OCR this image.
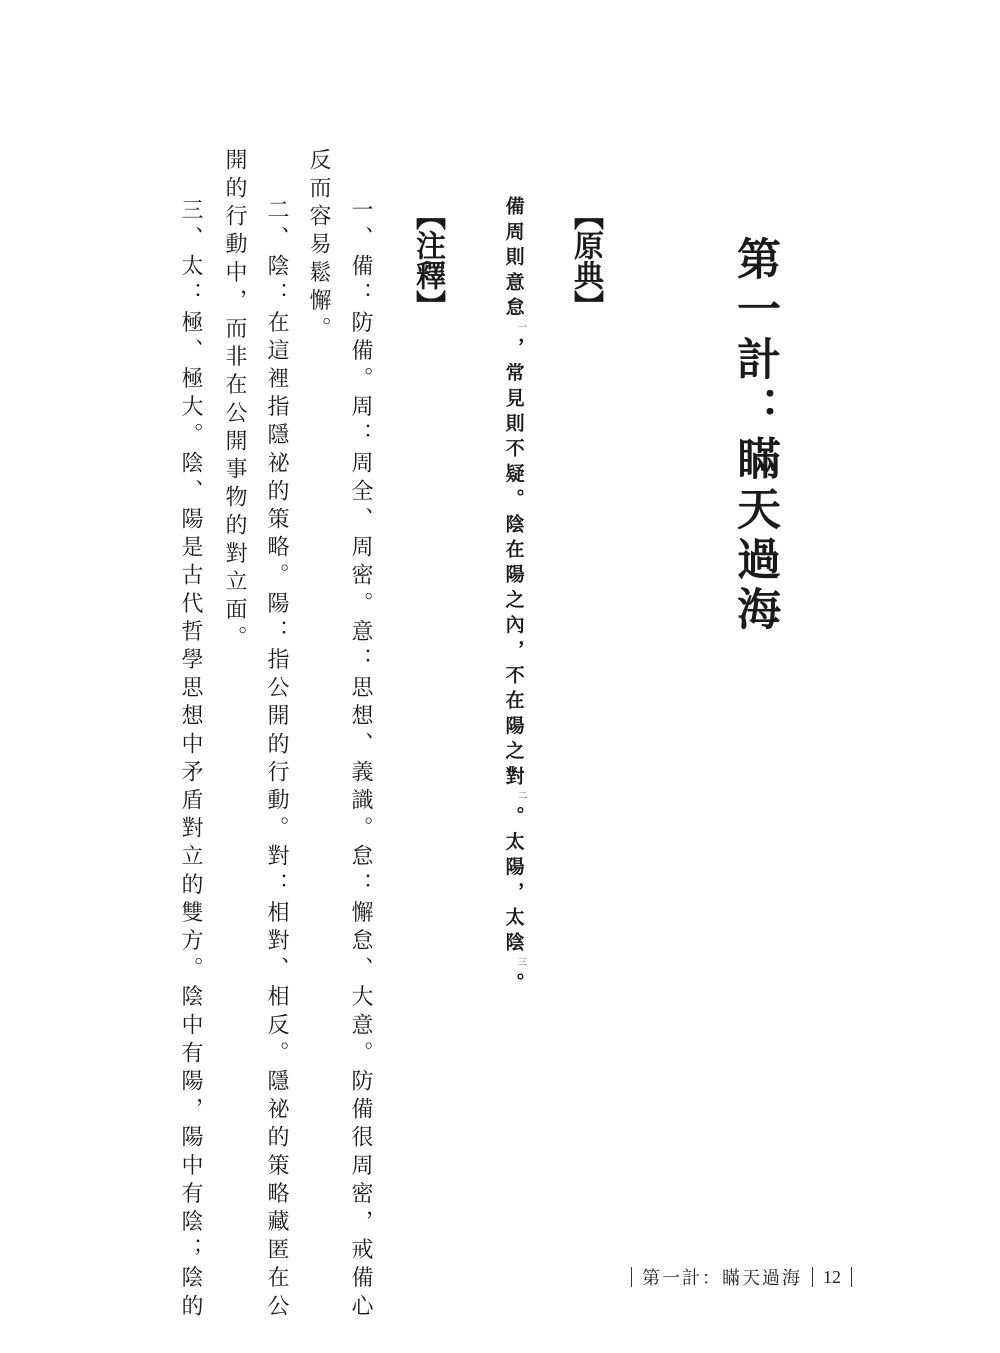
第一計：瞞天過海
【原典】
備周則意怠$^一$，常見則不疑。陰在陽之內，不在陽之對$^二$。太陽，太陰$^三$。
【注釋】
一、備：防備。周：周全、周密。意：思想、義識。怠：懈怠、大意。防備很周密，戒備心
反而容易鬆懈。
二、陰：在這裡指隱祕的策略。陽：指公開的行動。對：相對、相反。隱祕的策略藏匿在公
開的行動中，而非在公開事物的對立面。
三、太：極、極大。陰、陽是古代哲學思想中矛盾對立的雙方。陰中有陽，陽中有陰；陰的	第一計：瞞天過海 12
